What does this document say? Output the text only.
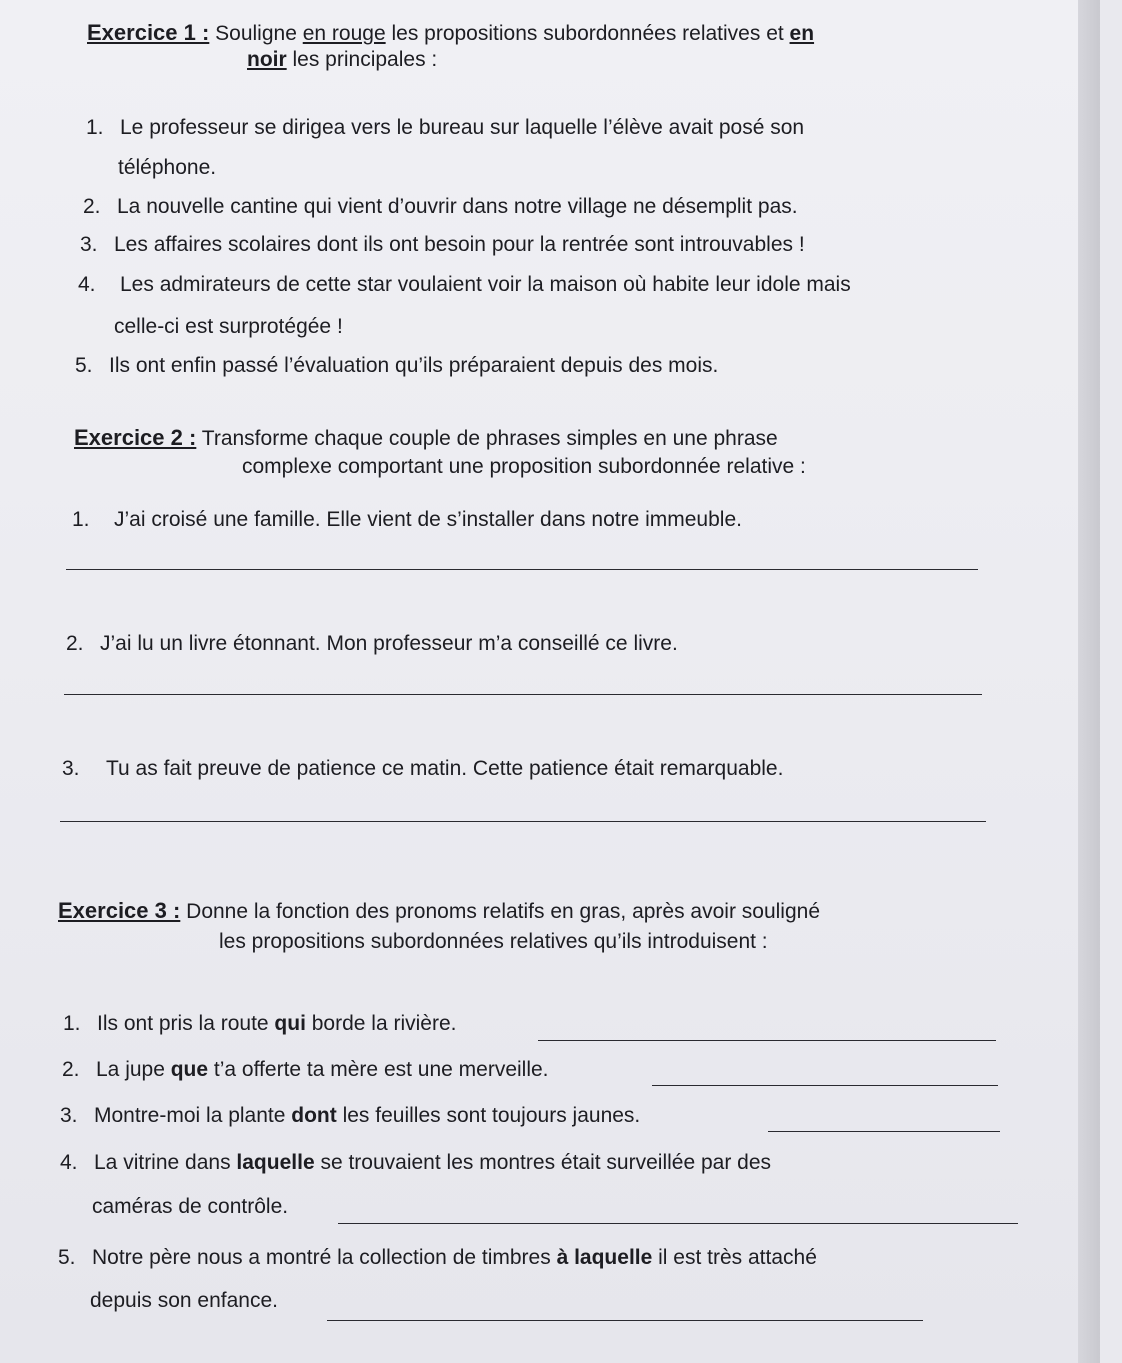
Exercice 1 : Souligne en rouge les propositions subordonnées relatives et en
noir les principales :
1. Le professeur se dirigea vers le bureau sur laquelle l’élève avait posé son
téléphone.
2. La nouvelle cantine qui vient d’ouvrir dans notre village ne désemplit pas.
3. Les affaires scolaires dont ils ont besoin pour la rentrée sont introuvables !
4. Les admirateurs de cette star voulaient voir la maison où habite leur idole mais
celle-ci est surprotégée !
5. Ils ont enfin passé l’évaluation qu’ils préparaient depuis des mois.
Exercice 2 : Transforme chaque couple de phrases simples en une phrase
complexe comportant une proposition subordonnée relative :
1. J’ai croisé une famille. Elle vient de s’installer dans notre immeuble.
2. J’ai lu un livre étonnant. Mon professeur m’a conseillé ce livre.
3. Tu as fait preuve de patience ce matin. Cette patience était remarquable.
Exercice 3 : Donne la fonction des pronoms relatifs en gras, après avoir souligné
les propositions subordonnées relatives qu’ils introduisent :
1. Ils ont pris la route qui borde la rivière.
2. La jupe que t’a offerte ta mère est une merveille.
3. Montre-moi la plante dont les feuilles sont toujours jaunes.
4. La vitrine dans laquelle se trouvaient les montres était surveillée par des
caméras de contrôle.
5. Notre père nous a montré la collection de timbres à laquelle il est très attaché
depuis son enfance.
